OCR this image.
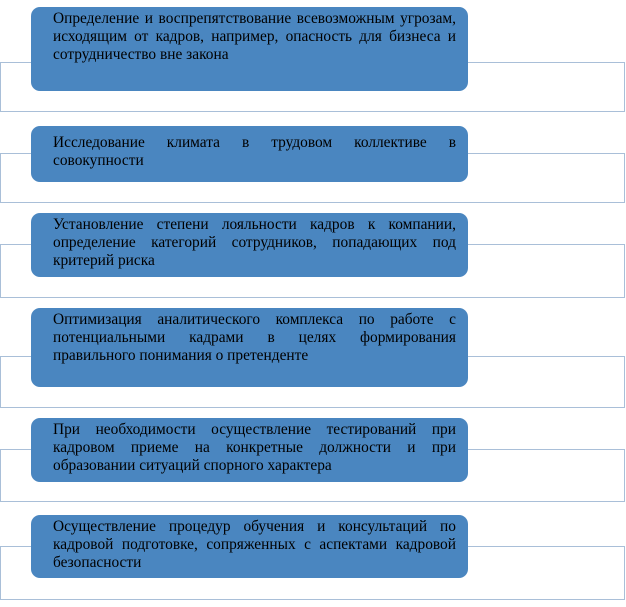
Определение и воспрепятствование всевозможным угрозам, исходящим от кадров, например, опасность для бизнеса и сотрудничество вне закона

Исследование климата в трудовом коллективе в совокупности

Установление степени лояльности кадров к компании, определение категорий сотрудников, попадающих под критерий риска

Оптимизация аналитического комплекса по работе с потенциальными кадрами в целях формирования правильного понимания о претенденте

При необходимости осуществление тестирований при кадровом приеме на конкретные должности и при образовании ситуаций спорного характера

Осуществление процедур обучения и консультаций по кадровой подготовке, сопряженных с аспектами кадровой безопасности
